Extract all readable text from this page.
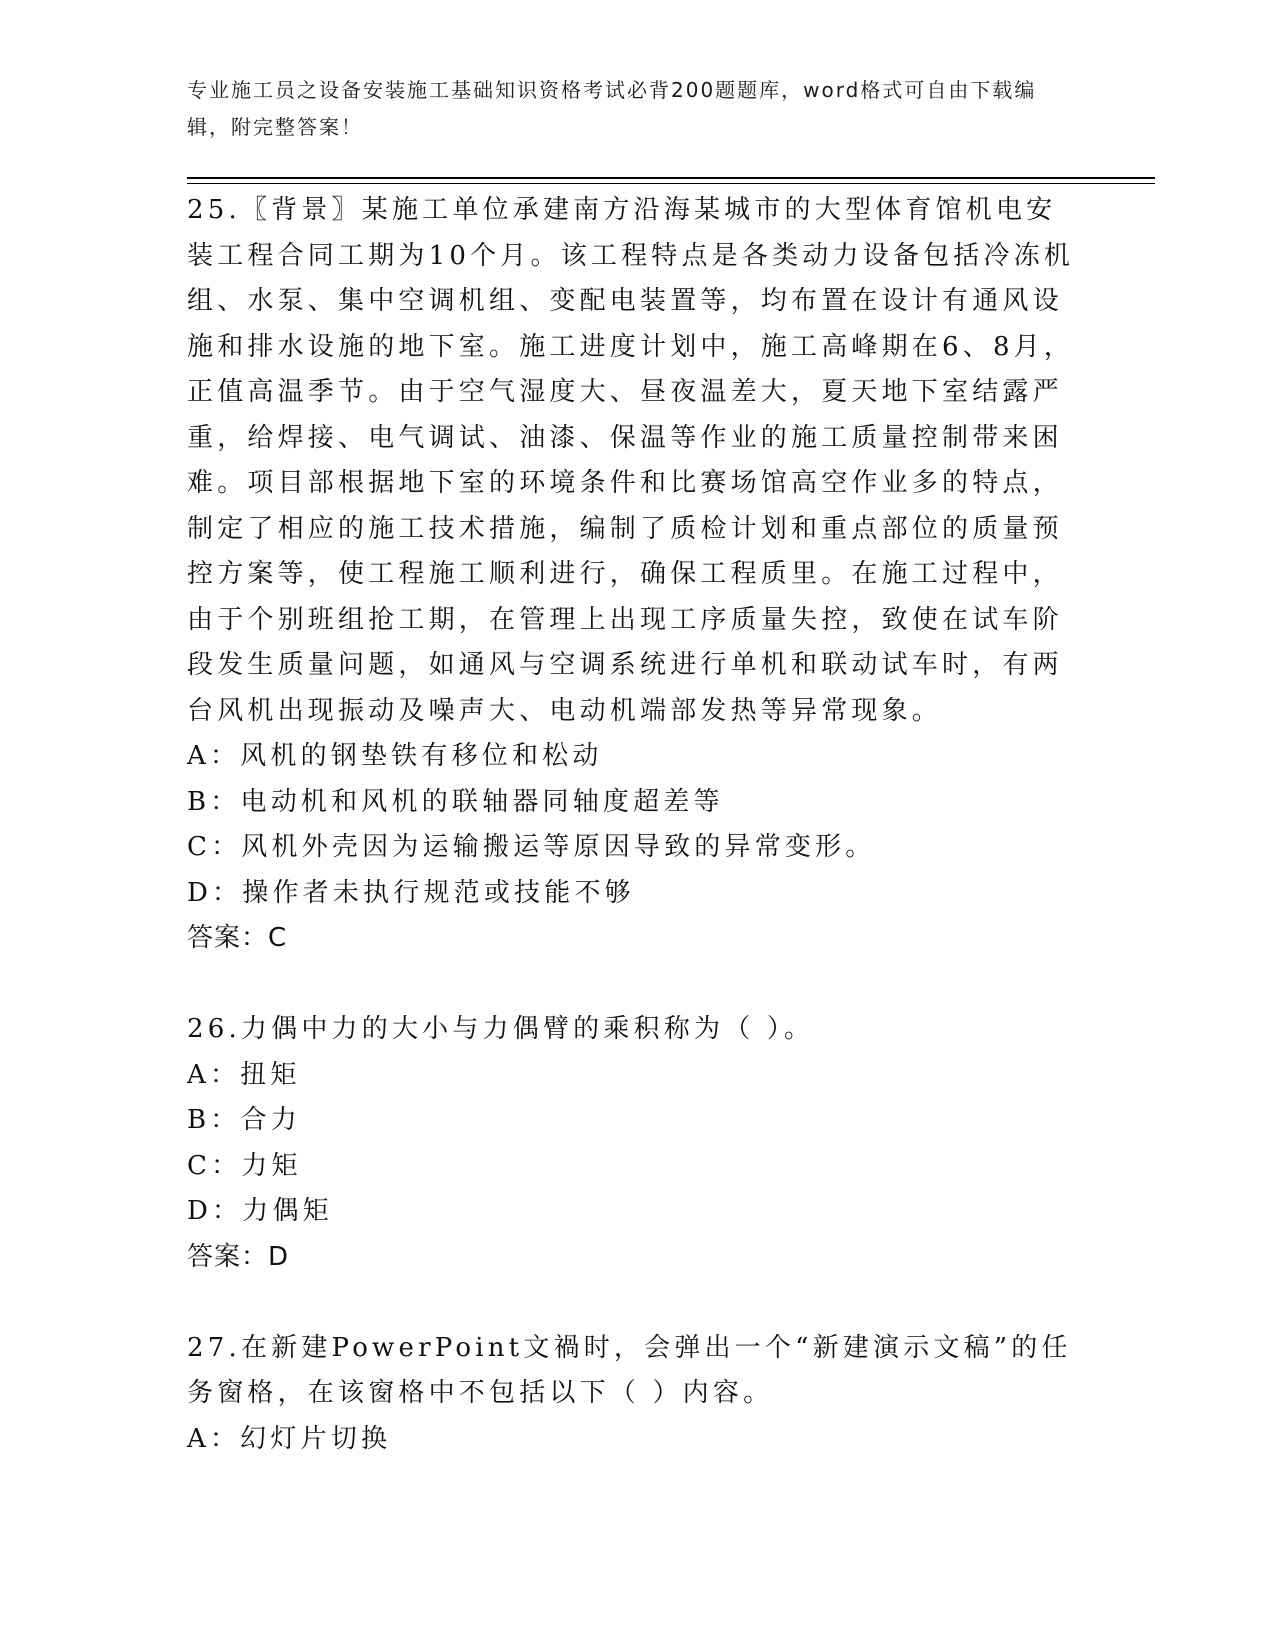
专业施工员之设备安装施工基础知识资格考试必背200题题库，word格式可自由下载编辑，附完整答案！

25.〖背景〗某施工单位承建南方沿海某城市的大型体育馆机电安装工程合同工期为10个月。该工程特点是各类动力设备包括冷冻机组、水泵、集中空调机组、变配电装置等，均布置在设计有通风设施和排水设施的地下室。施工进度计划中，施工高峰期在6、8月，正值高温季节。由于空气湿度大、昼夜温差大，夏天地下室结露严重，给焊接、电气调试、油漆、保温等作业的施工质量控制带来困难。项目部根据地下室的环境条件和比赛场馆高空作业多的特点，制定了相应的施工技术措施，编制了质检计划和重点部位的质量预控方案等，使工程施工顺利进行，确保工程质里。在施工过程中，由于个别班组抢工期，在管理上出现工序质量失控，致使在试车阶段发生质量问题，如通风与空调系统进行单机和联动试车时，有两台风机出现振动及噪声大、电动机端部发热等异常现象。

A：风机的钢垫铁有移位和松动

B：电动机和风机的联轴器同轴度超差等

C：风机外壳因为运输搬运等原因导致的异常变形。

D：操作者未执行规范或技能不够

答案：C

26.力偶中力的大小与力偶臂的乘积称为（ ）。

A：扭矩

B：合力

C：力矩

D：力偶矩

答案：D

27.在新建PowerPoint文禍时，会弹出一个“新建演示文稿”的任务窗格，在该窗格中不包括以下（ ）内容。

A：幻灯片切换
